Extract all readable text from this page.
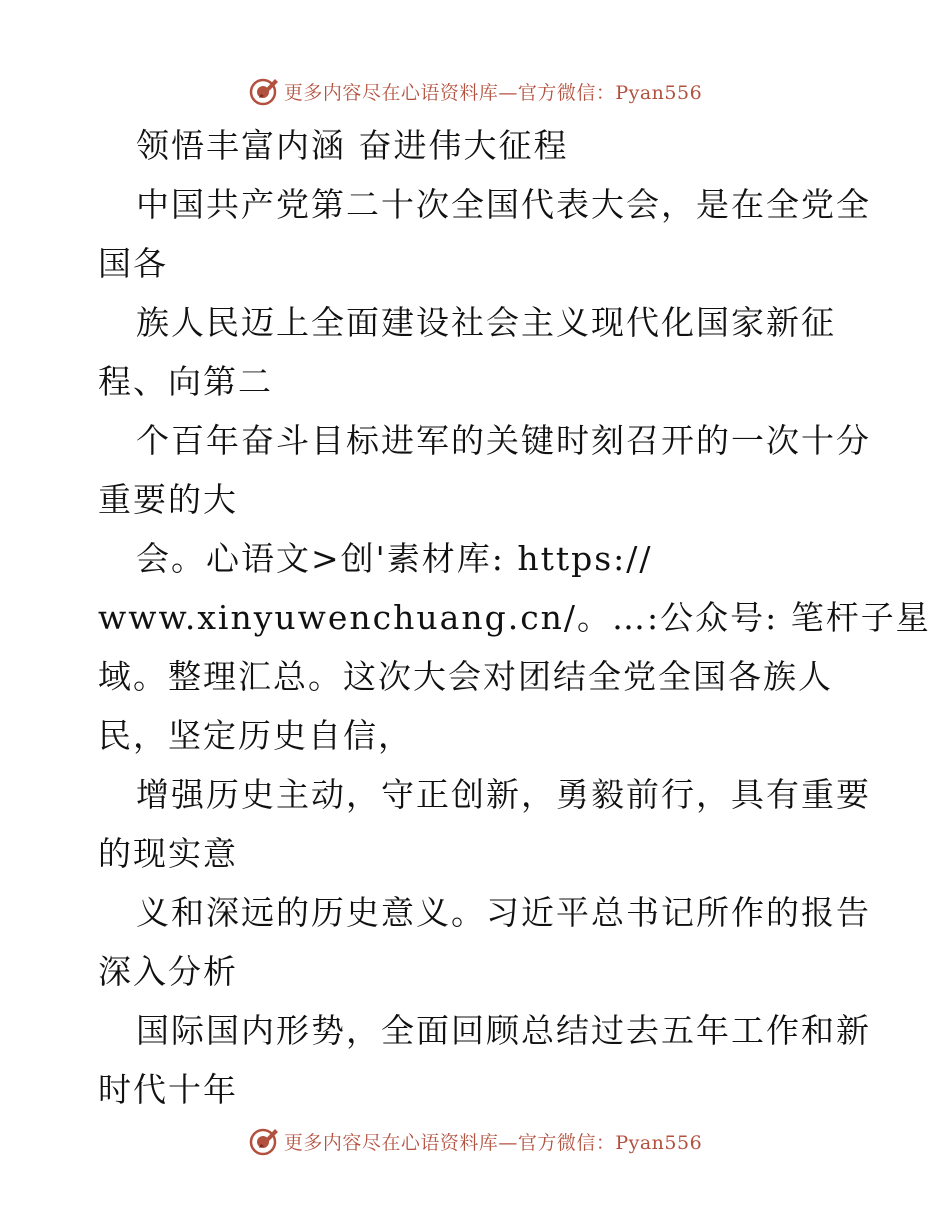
更多内容尽在心语资料库—官方微信：Pyan556
领悟丰富内涵 奋进伟大征程
中国共产党第二十次全国代表大会，是在全党全
国各
族人民迈上全面建设社会主义现代化国家新征
程、向第二
个百年奋斗目标进军的关键时刻召开的一次十分
重要的大
会。心语文>创'素材库: https://
www.xinyuwenchuang.cn/。…:公众号: 笔杆子星
域。整理汇总。这次大会对团结全党全国各族人
民，坚定历史自信，
增强历史主动，守正创新，勇毅前行，具有重要
的现实意
义和深远的历史意义。习近平总书记所作的报告
深入分析
国际国内形势，全面回顾总结过去五年工作和新
时代十年
更多内容尽在心语资料库—官方微信：Pyan556
